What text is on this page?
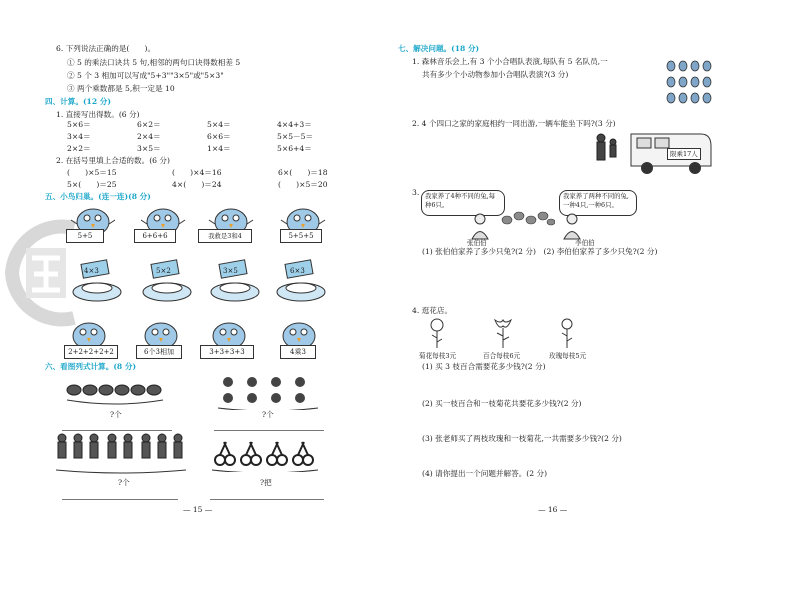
6. 下列说法正确的是(　　)。
① 5 的乘法口诀共 5 句,相邻的两句口诀得数相差 5
② 5 个 3 相加可以写成"5+3""3×5"或"5×3"
③ 两个乘数都是 5,积一定是 10
四、计算。(12 分)
1. 直接写出得数。(6 分)
5×6＝	6×2＝	5×4＝	4×4+3＝
3×4＝	2×4＝	6×6＝	5×5－5＝
2×2＝	3×5＝	1×4＝	5×6+4＝
2. 在括号里填上合适的数。(6 分)
(　　)×5＝15	(　　)×4＝16	6×(　　)＝18
5×(　　)＝25	4×(　　)＝24	(　　)×5＝20
五、小鸟归巢。(连一连)(8 分)
5+5	6+6+6	我救是3和4	5+5+5
4×3	5×2	3×5	6×3
2+2+2+2+2	6个3相加	3+3+3+3	4乘3
六、看图列式计算。(8 分)
?个	?个
?个	?把
— 15 —
七、解决问题。(18 分)
1. 森林音乐会上,有 3 个小合唱队表演,每队有 5 名队员,一
共有多少个小动物参加小合唱队表演?(3 分)
2. 4 个四口之家的家庭相约一同出游,一辆车能坐下吗?(3 分)
限乘17人
3. 我家养了4种不同的兔,每种6只。
我家养了两种不同的兔,一种4只,一种6只。
张伯伯	李伯伯
(1) 张伯伯家养了多少只兔?(2 分)　(2) 李伯伯家养了多少只兔?(2 分)
4. 逛花店。
菊花每枝3元	百合每枝6元	玫瑰每枝5元
(1) 买 3 枝百合需要花多少钱?(2 分)
(2) 买一枝百合和一枝菊花共要花多少钱?(2 分)
(3) 张老师买了两枝玫瑰和一枝菊花,一共需要多少钱?(2 分)
(4) 请你提出一个问题并解答。(2 分)
— 16 —
